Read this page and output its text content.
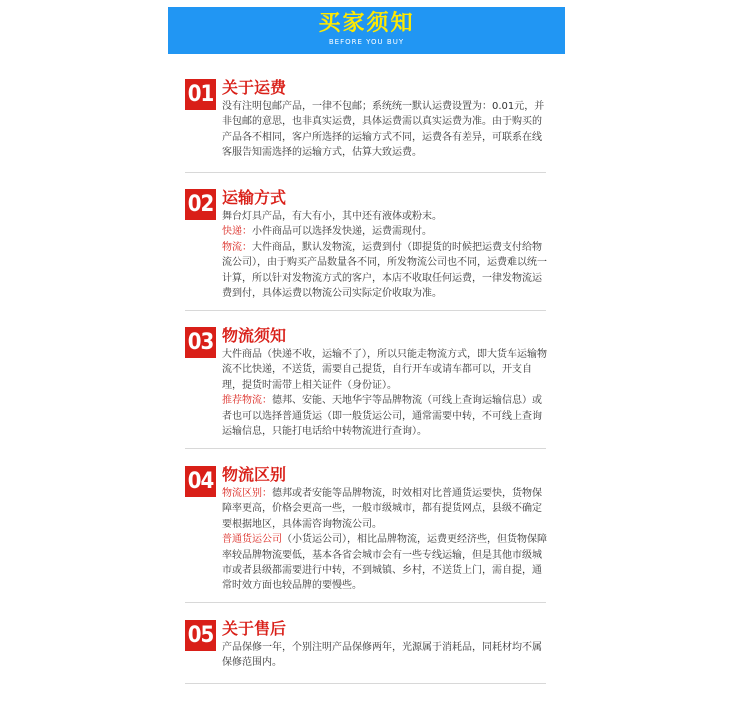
买家须知
BEFORE YOU BUY
01 关于运费

没有注明包邮产品，一律不包邮；系统统一默认运费设置为：0.01元，并非包邮的意思，也非真实运费，具体运费需以真实运费为准。由于购买的产品各不相同，客户所选择的运输方式不同，运费各有差异，可联系在线客服告知需选择的运输方式，估算大致运费。

02 运输方式

舞台灯具产品，有大有小，其中还有液体或粉末。

快递：小件商品可以选择发快递，运费需现付。

物流：大件商品，默认发物流，运费到付（即提货的时候把运费支付给物流公司），由于购买产品数量各不同，所发物流公司也不同，运费难以统一计算，所以针对发物流方式的客户，本店不收取任何运费，一律发物流运费到付，具体运费以物流公司实际定价收取为准。

03 物流须知

大件商品（快递不收，运输不了），所以只能走物流方式，即大货车运输物流不比快递，不送货，需要自己提货，自行开车或请车都可以，开支自理，提货时需带上相关证件（身份证）。

推荐物流：德邦、安能、天地华宇等品牌物流（可线上查询运输信息）或者也可以选择普通货运（即一般货运公司，通常需要中转，不可线上查询运输信息，只能打电话给中转物流进行查询）。

04 物流区别

物流区别：德邦或者安能等品牌物流，时效相对比普通货运要快，货物保障率更高，价格会更高一些，一般市级城市，都有提货网点，县级不确定要根据地区，具体需咨询物流公司。

普通货运公司（小货运公司），相比品牌物流，运费更经济些，但货物保障率较品牌物流要低，基本各省会城市会有一些专线运输，但是其他市级城市或者县级都需要进行中转，不到城镇、乡村，不送货上门，需自提，通常时效方面也较品牌的要慢些。

05 关于售后

产品保修一年，个别注明产品保修两年，光源属于消耗品，同耗材均不属保修范围内。
